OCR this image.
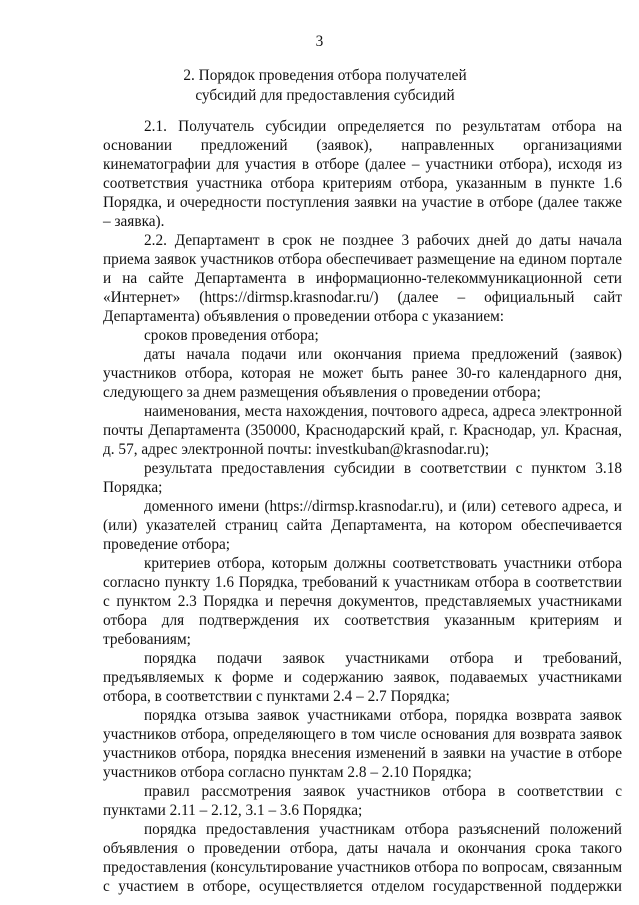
3
2. Порядок проведения отбора получателей
субсидий для предоставления субсидий

2.1. Получатель субсидии определяется по результатам отбора на основании предложений (заявок), направленных организациями кинематографии для участия в отборе (далее – участники отбора), исходя из соответствия участника отбора критериям отбора, указанным в пункте 1.6 Порядка, и очередности поступления заявки на участие в отборе (далее также – заявка).

2.2. Департамент в срок не позднее 3 рабочих дней до даты начала приема заявок участников отбора обеспечивает размещение на едином портале и на сайте Департамента в информационно-телекоммуникационной сети «Интернет» (https://dirmsp.krasnodar.ru/) (далее – официальный сайт Департамента) объявления о проведении отбора с указанием:

сроков проведения отбора;

даты начала подачи или окончания приема предложений (заявок) участников отбора, которая не может быть ранее 30-го календарного дня, следующего за днем размещения объявления о проведении отбора;

наименования, места нахождения, почтового адреса, адреса электронной почты Департамента (350000, Краснодарский край, г. Краснодар, ул. Красная, д. 57, адрес электронной почты: investkuban@krasnodar.ru);

результата предоставления субсидии в соответствии с пунктом 3.18 Порядка;

доменного имени (https://dirmsp.krasnodar.ru), и (или) сетевого адреса, и (или) указателей страниц сайта Департамента, на котором обеспечивается проведение отбора;

критериев отбора, которым должны соответствовать участники отбора согласно пункту 1.6 Порядка, требований к участникам отбора в соответствии с пунктом 2.3 Порядка и перечня документов, представляемых участниками отбора для подтверждения их соответствия указанным критериям и требованиям;

порядка подачи заявок участниками отбора и требований, предъявляемых к форме и содержанию заявок, подаваемых участниками отбора, в соответствии с пунктами 2.4 – 2.7 Порядка;

порядка отзыва заявок участниками отбора, порядка возврата заявок участников отбора, определяющего в том числе основания для возврата заявок участников отбора, порядка внесения изменений в заявки на участие в отборе участников отбора согласно пунктам 2.8 – 2.10 Порядка;

правил рассмотрения заявок участников отбора в соответствии с пунктами 2.11 – 2.12, 3.1 – 3.6 Порядка;

порядка предоставления участникам отбора разъяснений положений объявления о проведении отбора, даты начала и окончания срока такого предоставления (консультирование участников отбора по вопросам, связанным с участием в отборе, осуществляется отделом государственной поддержки
